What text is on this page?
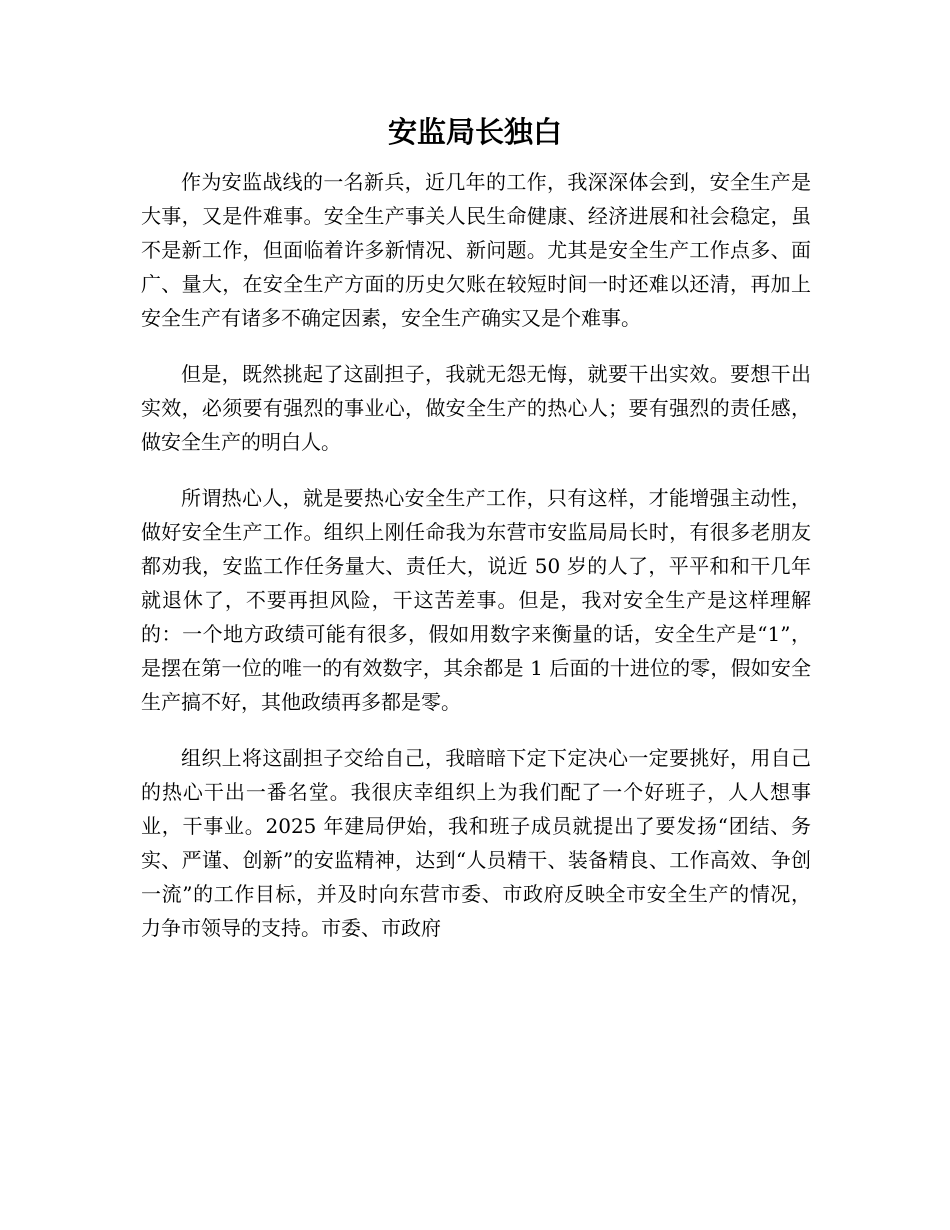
安监局长独白

作为安监战线的一名新兵，近几年的工作，我深深体会到，安全生产是大事，又是件难事。安全生产事关人民生命健康、经济进展和社会稳定，虽不是新工作，但面临着许多新情况、新问题。尤其是安全生产工作点多、面广、量大，在安全生产方面的历史欠账在较短时间一时还难以还清，再加上安全生产有诸多不确定因素，安全生产确实又是个难事。

但是，既然挑起了这副担子，我就无怨无悔，就要干出实效。要想干出实效，必须要有强烈的事业心，做安全生产的热心人；要有强烈的责任感，做安全生产的明白人。

所谓热心人，就是要热心安全生产工作，只有这样，才能增强主动性，做好安全生产工作。组织上刚任命我为东营市安监局局长时，有很多老朋友都劝我，安监工作任务量大、责任大，说近 50 岁的人了，平平和和干几年就退休了，不要再担风险，干这苦差事。但是，我对安全生产是这样理解的：一个地方政绩可能有很多，假如用数字来衡量的话，安全生产是“1”，是摆在第一位的唯一的有效数字，其余都是 1 后面的十进位的零，假如安全生产搞不好，其他政绩再多都是零。

组织上将这副担子交给自己，我暗暗下定下定决心一定要挑好，用自己的热心干出一番名堂。我很庆幸组织上为我们配了一个好班子，人人想事业，干事业。2025 年建局伊始，我和班子成员就提出了要发扬“团结、务实、严谨、创新”的安监精神，达到“人员精干、装备精良、工作高效、争创一流”的工作目标，并及时向东营市委、市政府反映全市安全生产的情况，力争市领导的支持。市委、市政府
